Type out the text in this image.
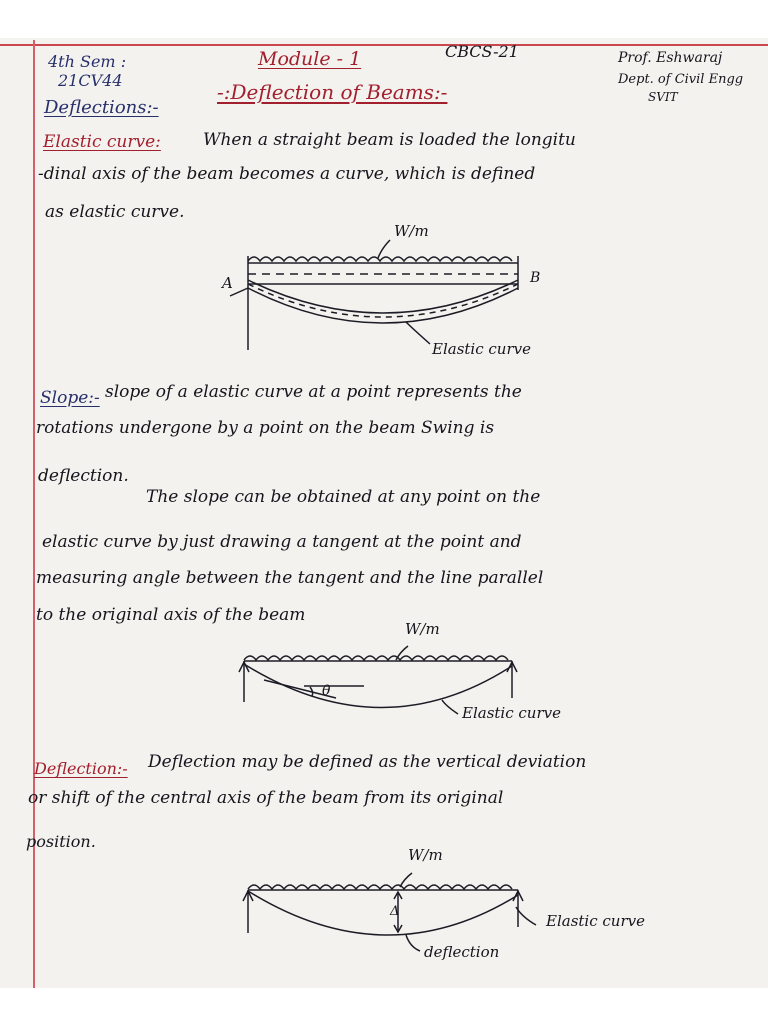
4th Sem :
21CV44
Module - 1	CBCS-21	Prof. Eshwaraj
Dept. of Civil Engg
SVIT
Deflections:-
-:Deflection of Beams:-
Elastic curve: When a straight beam is loaded the longitu
-dinal axis of the beam becomes a curve, which is defined
as elastic curve.
W/m
A	B
Elastic curve
Slope:- slope of a elastic curve at a point represents the
rotations undergone by a point on the beam Swing is
deflection.
The slope can be obtained at any point on the
elastic curve by just drawing a tangent at the point and
measuring angle between the tangent and the line parallel
to the original axis of the beam
W/m
θ
Elastic curve
Deflection:- Deflection may be defined as the vertical deviation
or shift of the central axis of the beam from its original
position.
W/m
Δ
Elastic curve
deflection
